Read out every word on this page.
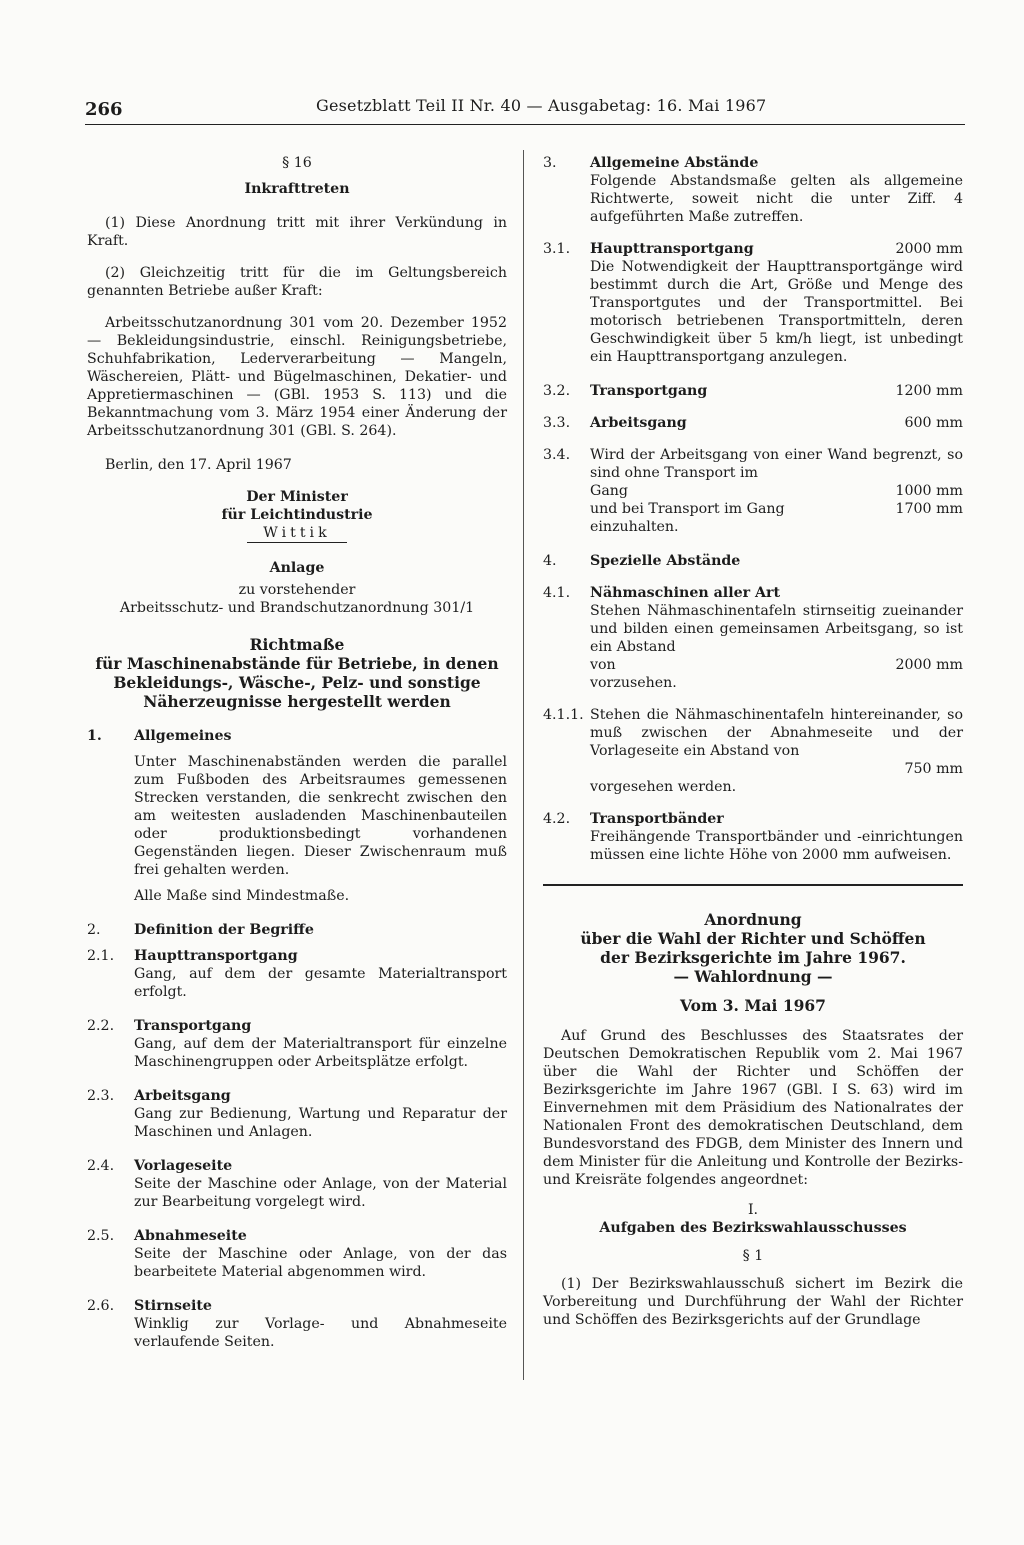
266	Gesetzblatt Teil II Nr. 40 — Ausgabetag: 16. Mai 1967
§ 16
Inkrafttreten
(1) Diese Anordnung tritt mit ihrer Verkündung in Kraft.
(2) Gleichzeitig tritt für die im Geltungsbereich genannten Betriebe außer Kraft:
Arbeitsschutzanordnung 301 vom 20. Dezember 1952 — Bekleidungsindustrie, einschl. Reinigungsbetriebe, Schuhfabrikation, Lederverarbeitung — Mangeln, Wäschereien, Plätt- und Bügelmaschinen, Dekatier- und Appretiermaschinen — (GBl. 1953 S. 113) und die Bekanntmachung vom 3. März 1954 einer Änderung der Arbeitsschutzanordnung 301 (GBl. S. 264).
Berlin, den 17. April 1967
Der Minister
für Leichtindustrie
Wittik
Anlage
zu vorstehender
Arbeitsschutz- und Brandschutzanordnung 301/1
Richtmaße
für Maschinenabstände für Betriebe, in denen
Bekleidungs-, Wäsche-, Pelz- und sonstige
Näherzeugnisse hergestellt werden
1.	Allgemeines
Unter Maschinenabständen werden die parallel zum Fußboden des Arbeitsraumes gemessenen Strecken verstanden, die senkrecht zwischen den am weitesten ausladenden Maschinenbauteilen oder produktionsbedingt vorhandenen Gegenständen liegen. Dieser Zwischenraum muß frei gehalten werden.
Alle Maße sind Mindestmaße.
2.	Definition der Begriffe
2.1.	Haupttransportgang
Gang, auf dem der gesamte Materialtransport erfolgt.
2.2.	Transportgang
Gang, auf dem der Materialtransport für einzelne Maschinengruppen oder Arbeitsplätze erfolgt.
2.3.	Arbeitsgang
Gang zur Bedienung, Wartung und Reparatur der Maschinen und Anlagen.
2.4.	Vorlageseite
Seite der Maschine oder Anlage, von der Material zur Bearbeitung vorgelegt wird.
2.5.	Abnahmeseite
Seite der Maschine oder Anlage, von der das bearbeitete Material abgenommen wird.
2.6.	Stirnseite
Winklig zur Vorlage- und Abnahmeseite verlaufende Seiten.
3.	Allgemeine Abstände
Folgende Abstandsmaße gelten als allgemeine Richtwerte, soweit nicht die unter Ziff. 4 aufgeführten Maße zutreffen.
3.1.	Haupttransportgang	2000 mm
Die Notwendigkeit der Haupttransportgänge wird bestimmt durch die Art, Größe und Menge des Transportgutes und der Transportmittel. Bei motorisch betriebenen Transportmitteln, deren Geschwindigkeit über 5 km/h liegt, ist unbedingt ein Haupttransportgang anzulegen.
3.2.	Transportgang	1200 mm
3.3.	Arbeitsgang	600 mm
3.4.	Wird der Arbeitsgang von einer Wand begrenzt, so sind ohne Transport im
Gang	1000 mm
und bei Transport im Gang	1700 mm
einzuhalten.
4.	Spezielle Abstände
4.1.	Nähmaschinen aller Art
Stehen Nähmaschinentafeln stirnseitig zueinander und bilden einen gemeinsamen Arbeitsgang, so ist ein Abstand
von	2000 mm
vorzusehen.
4.1.1. Stehen die Nähmaschinentafeln hintereinander, so muß zwischen der Abnahmeseite und der Vorlageseite ein Abstand von
750 mm
vorgesehen werden.
4.2.	Transportbänder
Freihängende Transportbänder und -einrichtungen müssen eine lichte Höhe von 2000 mm aufweisen.
Anordnung
über die Wahl der Richter und Schöffen
der Bezirksgerichte im Jahre 1967.
— Wahlordnung —
Vom 3. Mai 1967
Auf Grund des Beschlusses des Staatsrates der Deutschen Demokratischen Republik vom 2. Mai 1967 über die Wahl der Richter und Schöffen der Bezirksgerichte im Jahre 1967 (GBl. I S. 63) wird im Einvernehmen mit dem Präsidium des Nationalrates der Nationalen Front des demokratischen Deutschland, dem Bundesvorstand des FDGB, dem Minister des Innern und dem Minister für die Anleitung und Kontrolle der Bezirks- und Kreisräte folgendes angeordnet:
I.
Aufgaben des Bezirkswahlausschusses
§ 1
(1) Der Bezirkswahlausschuß sichert im Bezirk die Vorbereitung und Durchführung der Wahl der Richter und Schöffen des Bezirksgerichts auf der Grundlage
